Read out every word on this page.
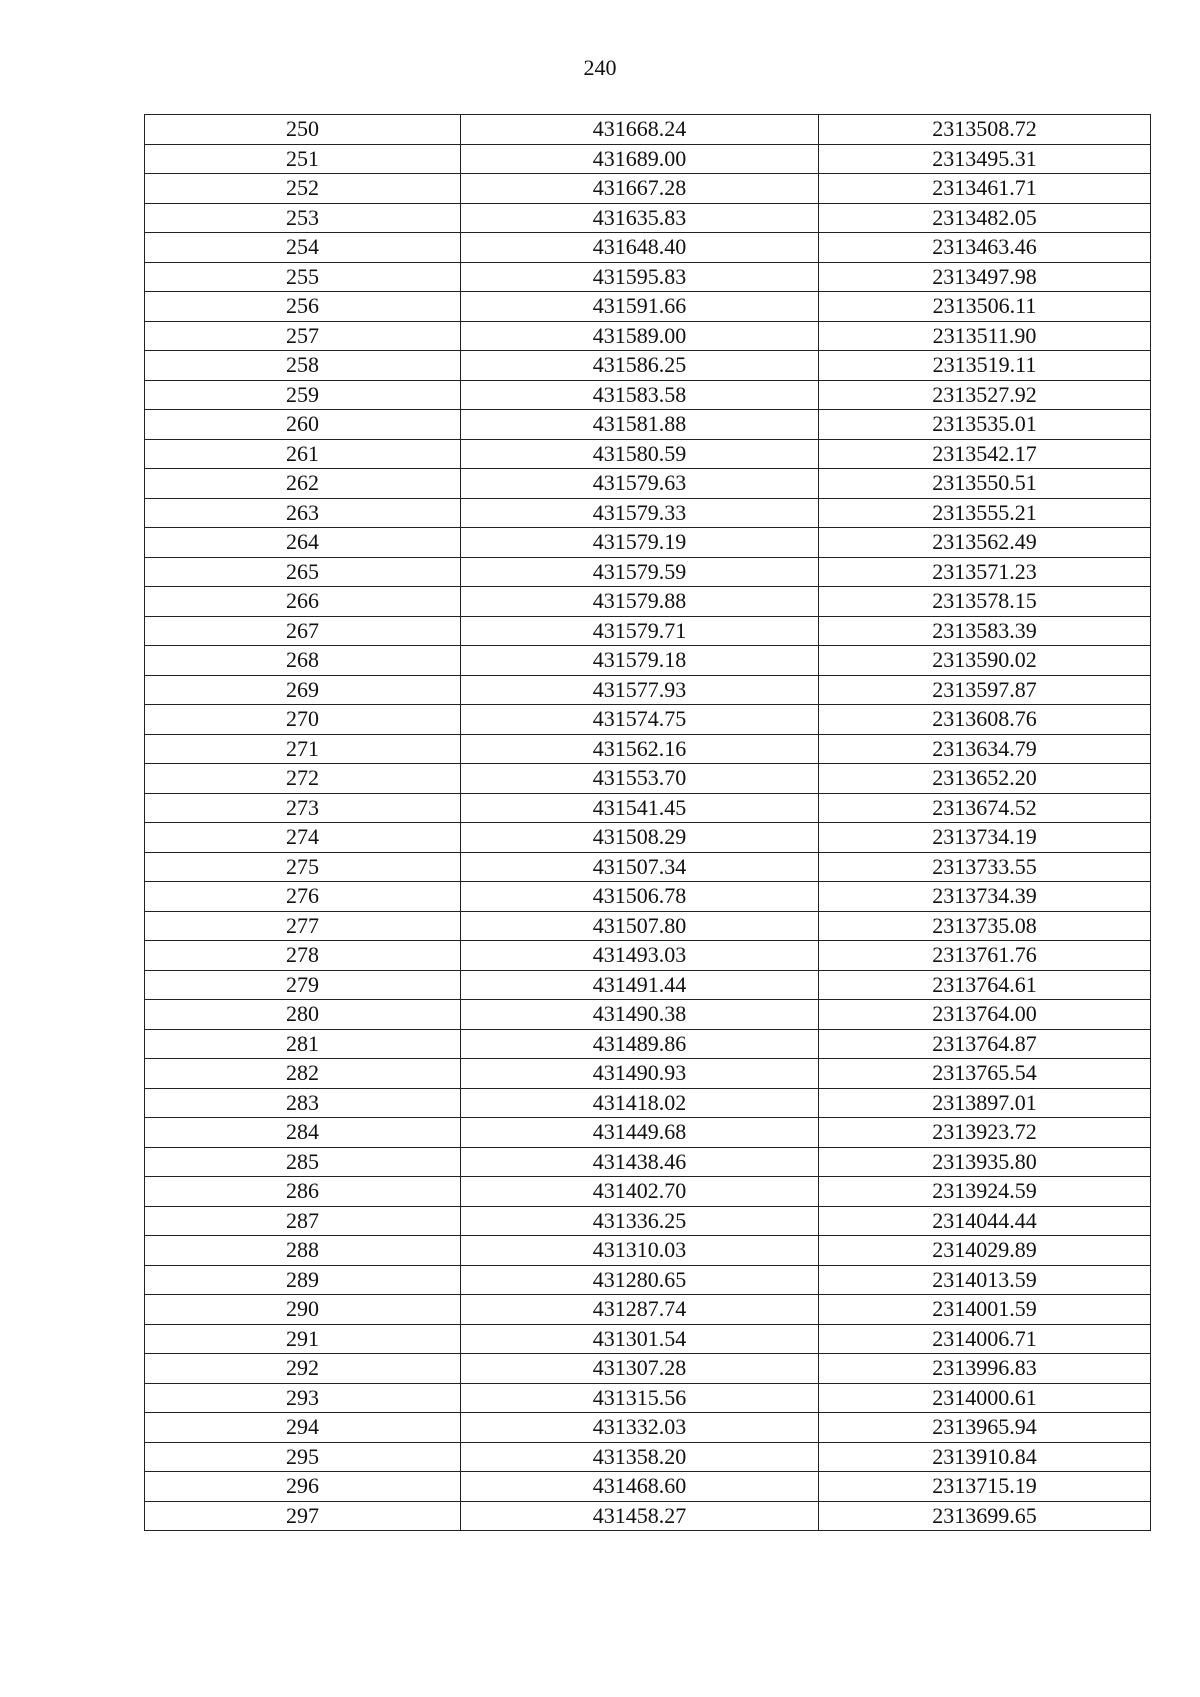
240
250	431668.24	2313508.72
251	431689.00	2313495.31
252	431667.28	2313461.71
253	431635.83	2313482.05
254	431648.40	2313463.46
255	431595.83	2313497.98
256	431591.66	2313506.11
257	431589.00	2313511.90
258	431586.25	2313519.11
259	431583.58	2313527.92
260	431581.88	2313535.01
261	431580.59	2313542.17
262	431579.63	2313550.51
263	431579.33	2313555.21
264	431579.19	2313562.49
265	431579.59	2313571.23
266	431579.88	2313578.15
267	431579.71	2313583.39
268	431579.18	2313590.02
269	431577.93	2313597.87
270	431574.75	2313608.76
271	431562.16	2313634.79
272	431553.70	2313652.20
273	431541.45	2313674.52
274	431508.29	2313734.19
275	431507.34	2313733.55
276	431506.78	2313734.39
277	431507.80	2313735.08
278	431493.03	2313761.76
279	431491.44	2313764.61
280	431490.38	2313764.00
281	431489.86	2313764.87
282	431490.93	2313765.54
283	431418.02	2313897.01
284	431449.68	2313923.72
285	431438.46	2313935.80
286	431402.70	2313924.59
287	431336.25	2314044.44
288	431310.03	2314029.89
289	431280.65	2314013.59
290	431287.74	2314001.59
291	431301.54	2314006.71
292	431307.28	2313996.83
293	431315.56	2314000.61
294	431332.03	2313965.94
295	431358.20	2313910.84
296	431468.60	2313715.19
297	431458.27	2313699.65
